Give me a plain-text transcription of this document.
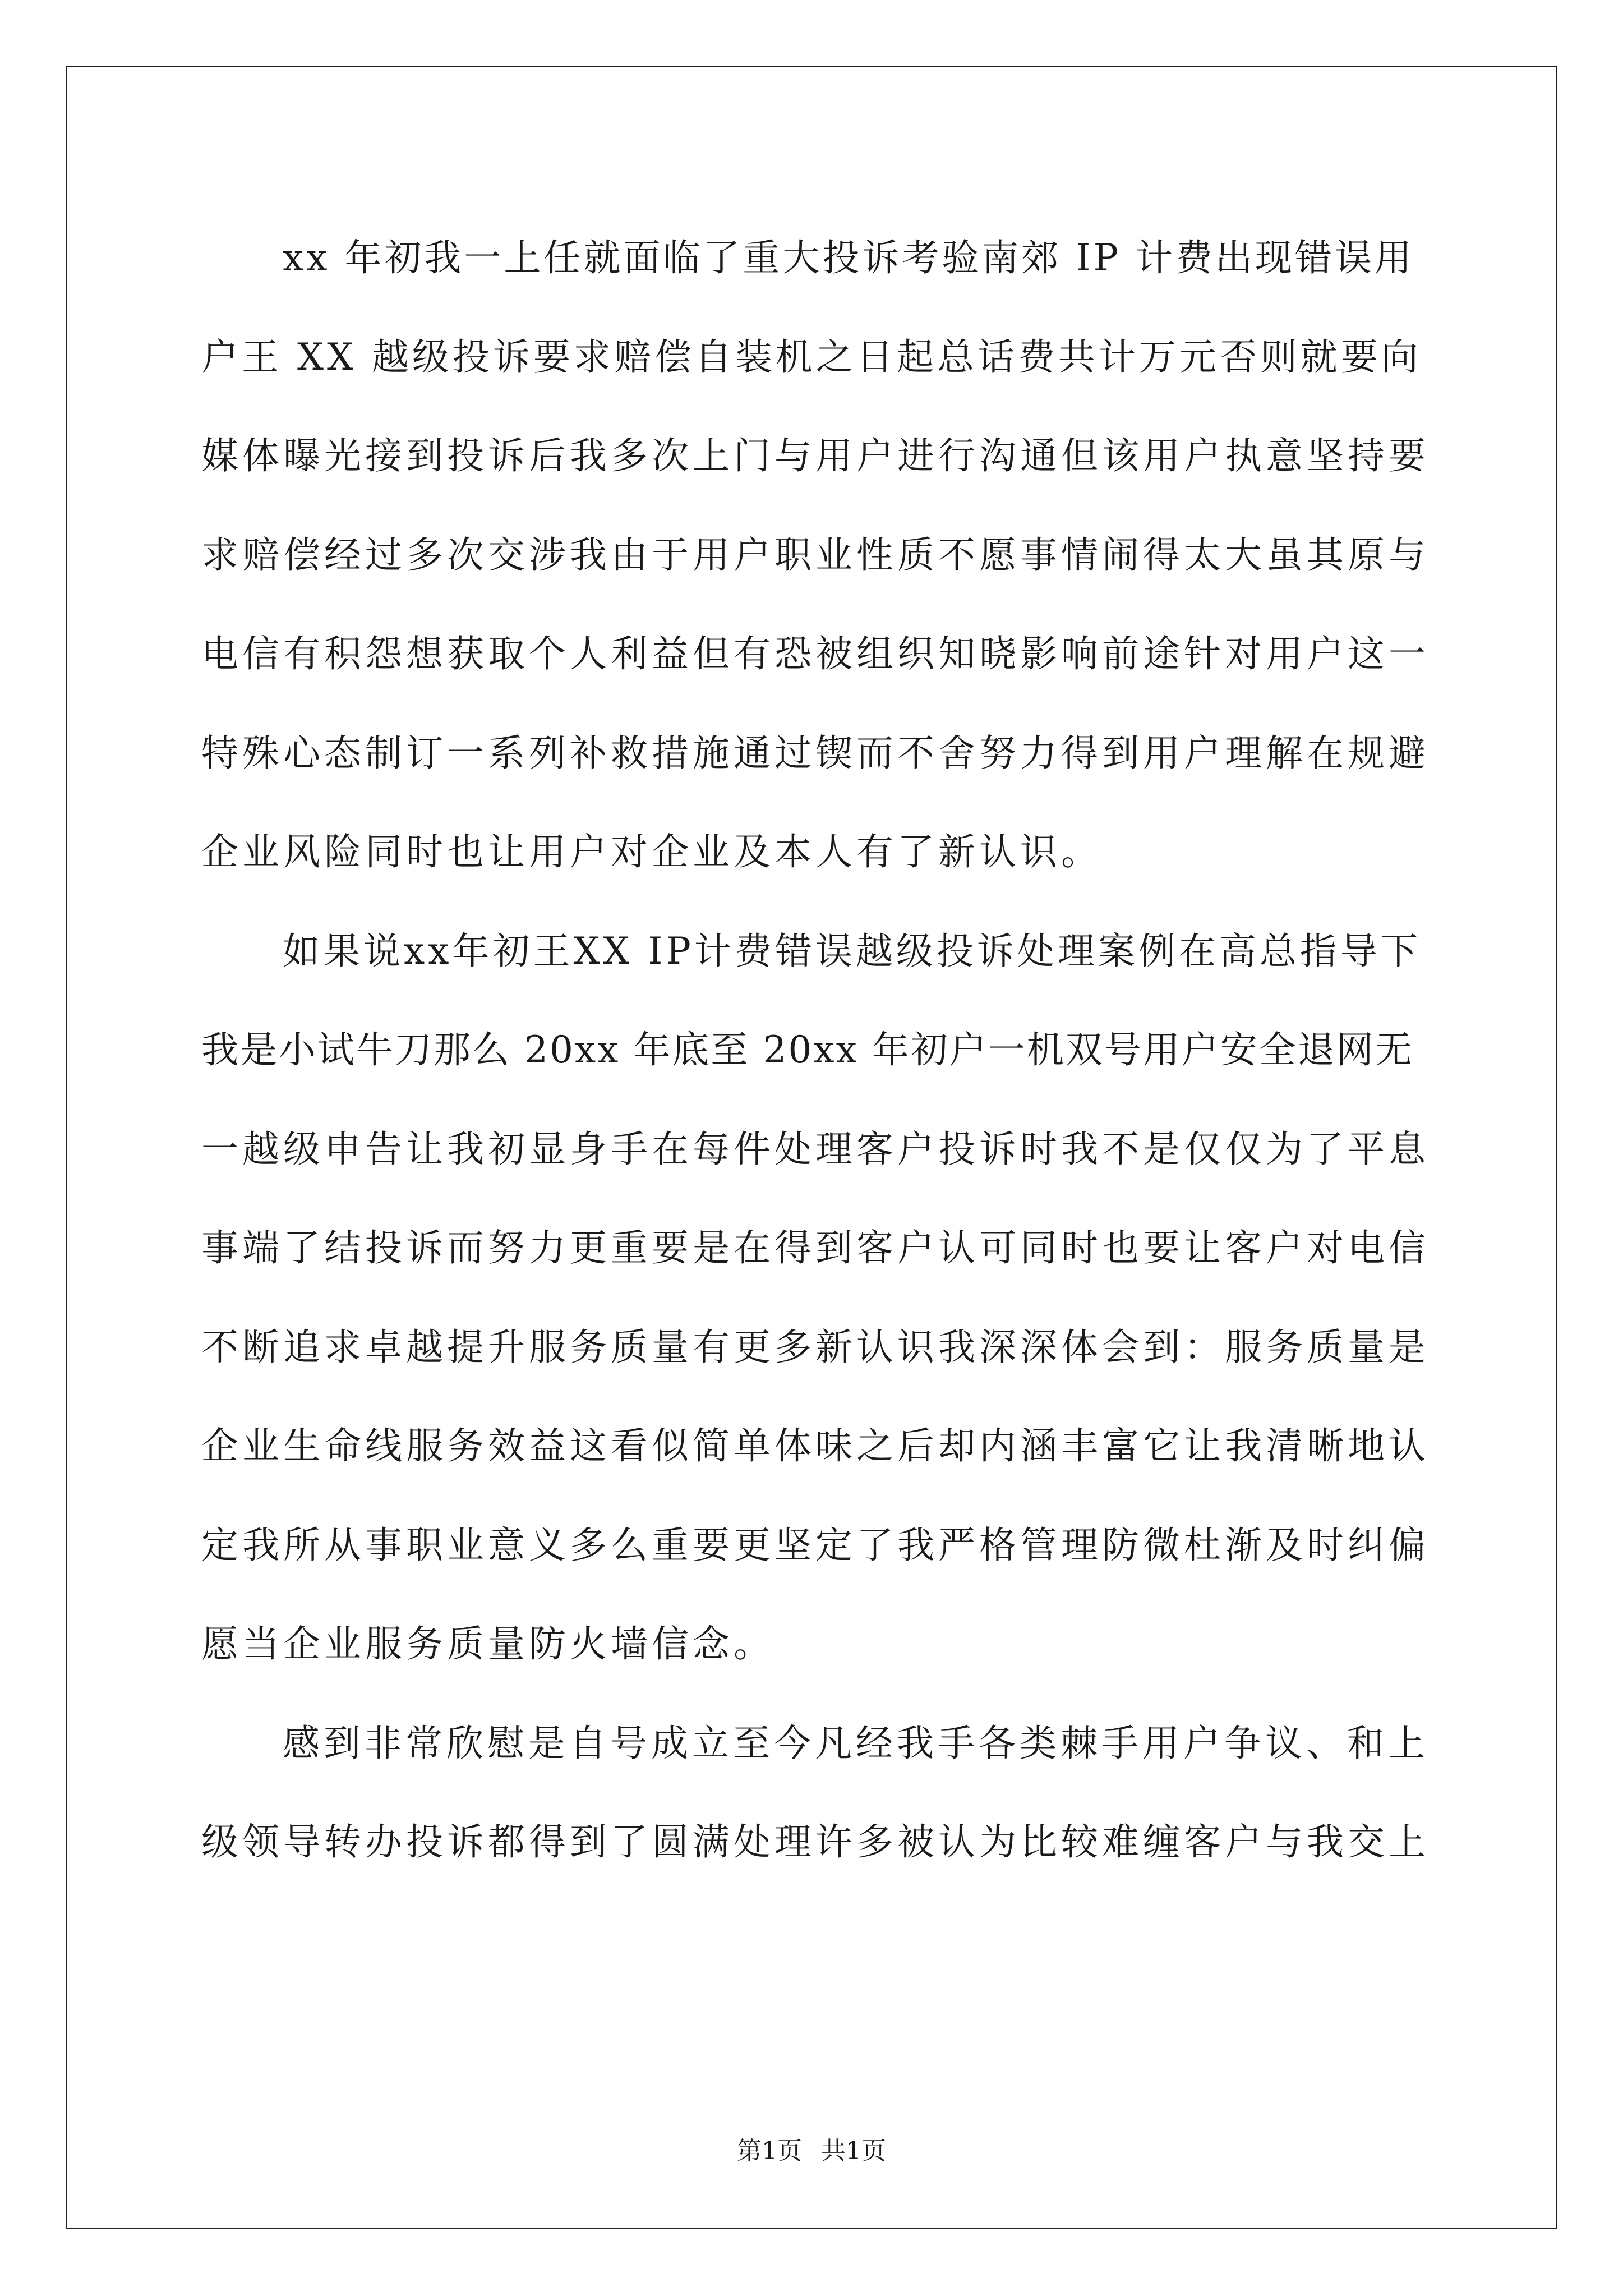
xx 年初我一上任就面临了重大投诉考验南郊 IP 计费出现错误用
户王 XX 越级投诉要求赔偿自装机之日起总话费共计万元否则就要向
媒体曝光接到投诉后我多次上门与用户进行沟通但该用户执意坚持要
求赔偿经过多次交涉我由于用户职业性质不愿事情闹得太大虽其原与
电信有积怨想获取个人利益但有恐被组织知晓影响前途针对用户这一
特殊心态制订一系列补救措施通过锲而不舍努力得到用户理解在规避
企业风险同时也让用户对企业及本人有了新认识。
如果说xx年初王XX IP计费错误越级投诉处理案例在高总指导下
我是小试牛刀那么 20xx 年底至 20xx 年初户一机双号用户安全退网无
一越级申告让我初显身手在每件处理客户投诉时我不是仅仅为了平息
事端了结投诉而努力更重要是在得到客户认可同时也要让客户对电信
不断追求卓越提升服务质量有更多新认识我深深体会到：服务质量是
企业生命线服务效益这看似简单体味之后却内涵丰富它让我清晰地认
定我所从事职业意义多么重要更坚定了我严格管理防微杜渐及时纠偏
愿当企业服务质量防火墙信念。
感到非常欣慰是自号成立至今凡经我手各类棘手用户争议、和上
级领导转办投诉都得到了圆满处理许多被认为比较难缠客户与我交上
第1页 共1页
